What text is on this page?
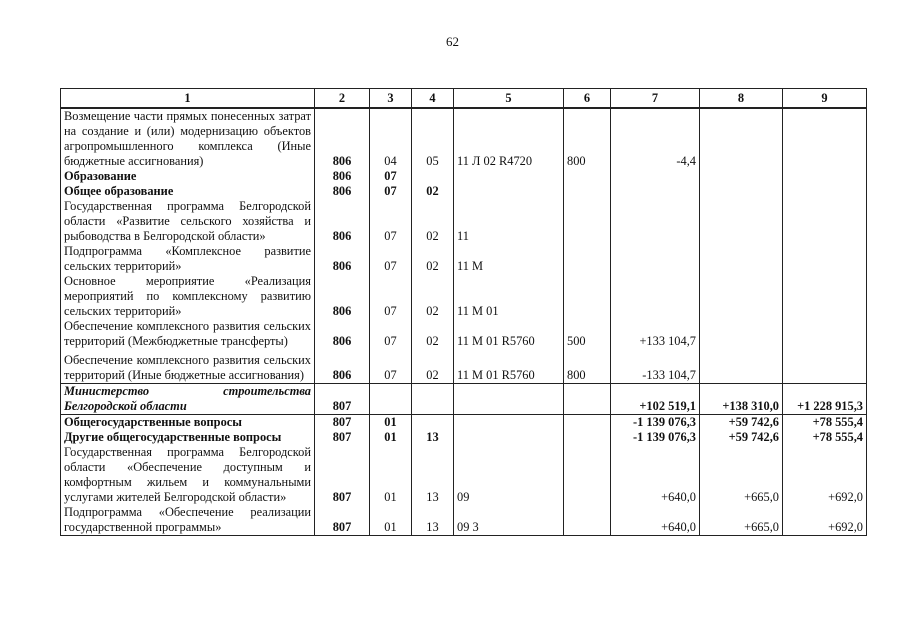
62
1	2	3	4	5	6	7	8	9
Возмещение части прямых понесенных затрат на создание и (или) модернизацию объектов агропромышленного комплекса (Иные бюджетные ассигнования)	806	04	05	11 Л 02 R4720	800	-4,4		
Образование	806	07						
Общее образование	806	07	02					
Государственная программа Белгородской области «Развитие сельского хозяйства и рыбоводства в Белгородской области»	806	07	02	11				
Подпрограмма «Комплексное развитие сельских территорий»	806	07	02	11 М				
Основное мероприятие «Реализация мероприятий по комплексному развитию сельских территорий»	806	07	02	11 М 01				
Обеспечение комплексного развития сельских территорий (Межбюджетные трансферты)	806	07	02	11 М 01 R5760	500	+133 104,7		
Обеспечение комплексного развития сельских территорий (Иные бюджетные ассигнования)	806	07	02	11 М 01 R5760	800	-133 104,7		
Министерство строительства Белгородской области	807					+102 519,1	+138 310,0	+1 228 915,3
Общегосударственные вопросы	807	01				-1 139 076,3	+59 742,6	+78 555,4
Другие общегосударственные вопросы	807	01	13			-1 139 076,3	+59 742,6	+78 555,4
Государственная программа Белгородской области «Обеспечение доступным и комфортным жильем и коммунальными услугами жителей Белгородской области»	807	01	13	09		+640,0	+665,0	+692,0
Подпрограмма «Обеспечение реализации государственной программы»	807	01	13	09 3		+640,0	+665,0	+692,0
